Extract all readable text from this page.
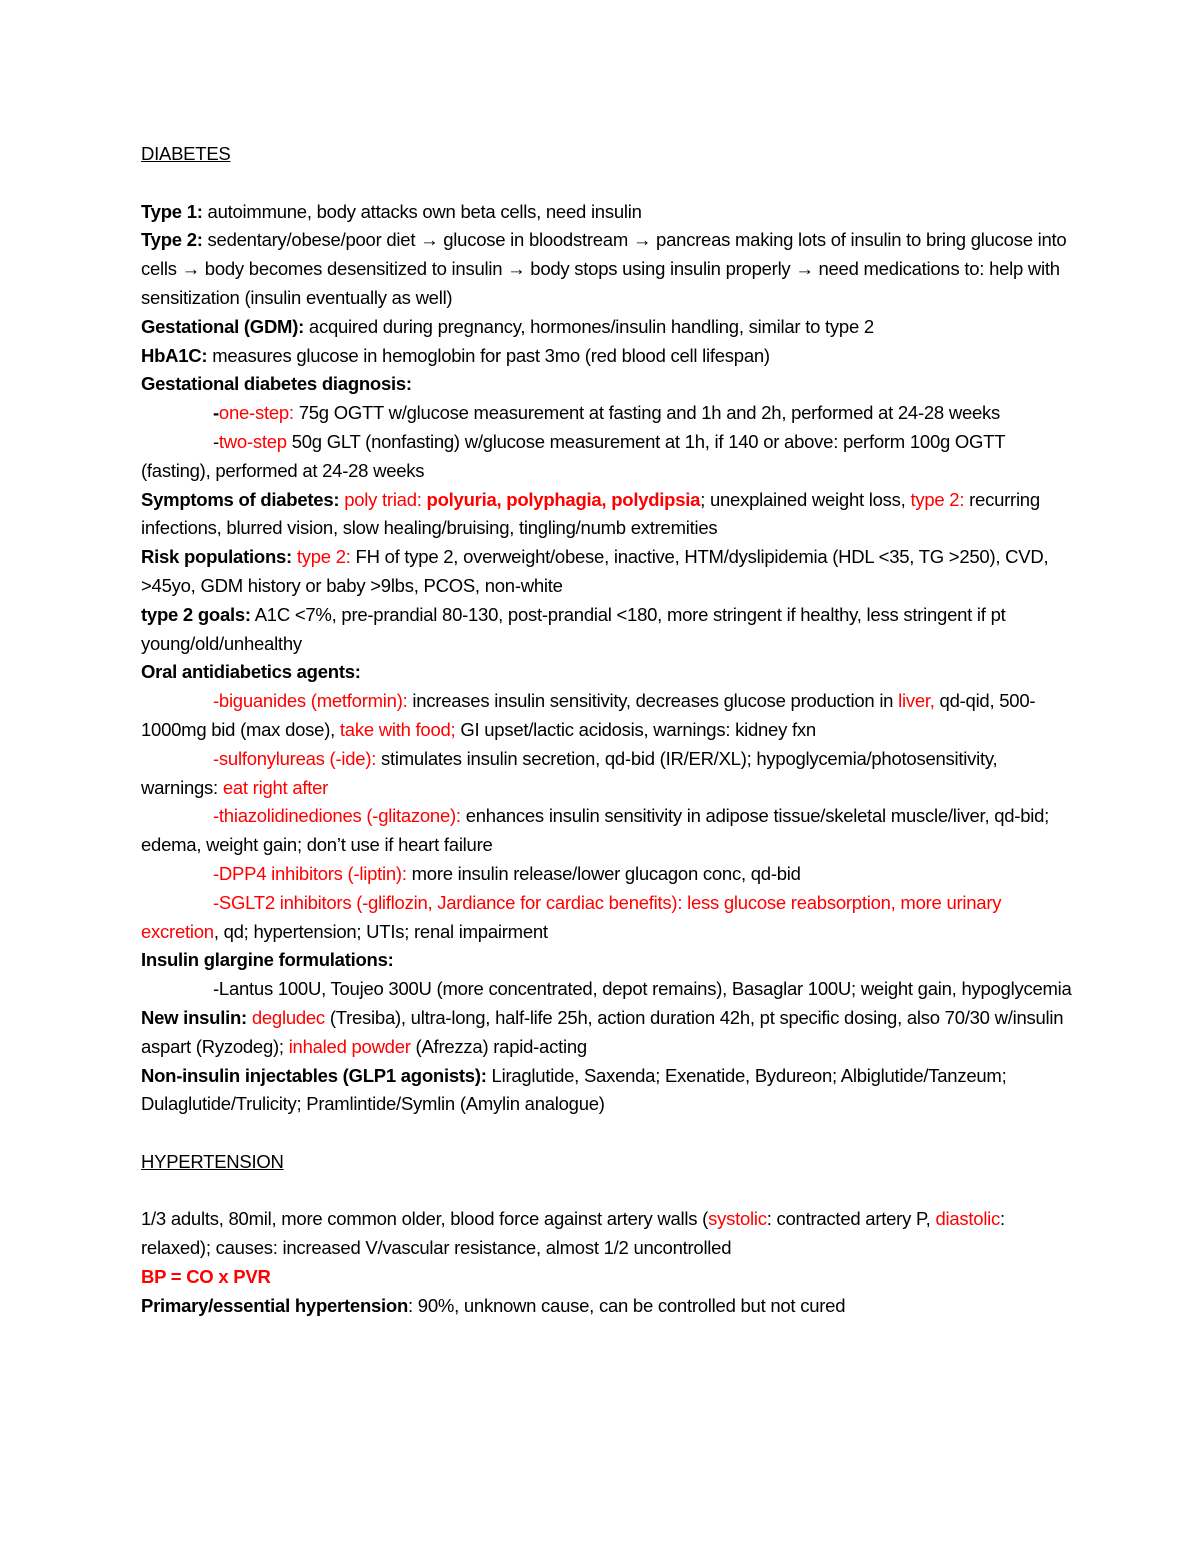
DIABETES

Type 1: autoimmune, body attacks own beta cells, need insulin

Type 2: sedentary/obese/poor diet → glucose in bloodstream → pancreas making lots of insulin to bring glucose into cells → body becomes desensitized to insulin → body stops using insulin properly → need medications to: help with sensitization (insulin eventually as well)

Gestational (GDM): acquired during pregnancy, hormones/insulin handling, similar to type 2

HbA1C: measures glucose in hemoglobin for past 3mo (red blood cell lifespan)

Gestational diabetes diagnosis:

-one-step: 75g OGTT w/glucose measurement at fasting and 1h and 2h, performed at 24-28 weeks

-two-step 50g GLT (nonfasting) w/glucose measurement at 1h, if 140 or above: perform 100g OGTT (fasting), performed at 24-28 weeks

Symptoms of diabetes: poly triad: polyuria, polyphagia, polydipsia; unexplained weight loss, type 2: recurring infections, blurred vision, slow healing/bruising, tingling/numb extremities

Risk populations: type 2: FH of type 2, overweight/obese, inactive, HTM/dyslipidemia (HDL <35, TG >250), CVD, >45yo, GDM history or baby >9lbs, PCOS, non-white

type 2 goals: A1C <7%, pre-prandial 80-130, post-prandial <180, more stringent if healthy, less stringent if pt young/old/unhealthy

Oral antidiabetics agents:

-biguanides (metformin): increases insulin sensitivity, decreases glucose production in liver, qd-qid, 500-1000mg bid (max dose), take with food; GI upset/lactic acidosis, warnings: kidney fxn

-sulfonylureas (-ide): stimulates insulin secretion, qd-bid (IR/ER/XL); hypoglycemia/photosensitivity, warnings: eat right after

-thiazolidinediones (-glitazone): enhances insulin sensitivity in adipose tissue/skeletal muscle/liver, qd-bid; edema, weight gain; don’t use if heart failure

-DPP4 inhibitors (-liptin): more insulin release/lower glucagon conc, qd-bid

-SGLT2 inhibitors (-gliflozin, Jardiance for cardiac benefits): less glucose reabsorption, more urinary excretion, qd; hypertension; UTIs; renal impairment

Insulin glargine formulations:

-Lantus 100U, Toujeo 300U (more concentrated, depot remains), Basaglar 100U; weight gain, hypoglycemia

New insulin: degludec (Tresiba), ultra-long, half-life 25h, action duration 42h, pt specific dosing, also 70/30 w/insulin aspart (Ryzodeg); inhaled powder (Afrezza) rapid-acting

Non-insulin injectables (GLP1 agonists): Liraglutide, Saxenda; Exenatide, Bydureon; Albiglutide/Tanzeum; Dulaglutide/Trulicity; Pramlintide/Symlin (Amylin analogue)

HYPERTENSION

1/3 adults, 80mil, more common older, blood force against artery walls (systolic: contracted artery P, diastolic: relaxed); causes: increased V/vascular resistance, almost 1/2 uncontrolled

BP = CO x PVR

Primary/essential hypertension: 90%, unknown cause, can be controlled but not cured
